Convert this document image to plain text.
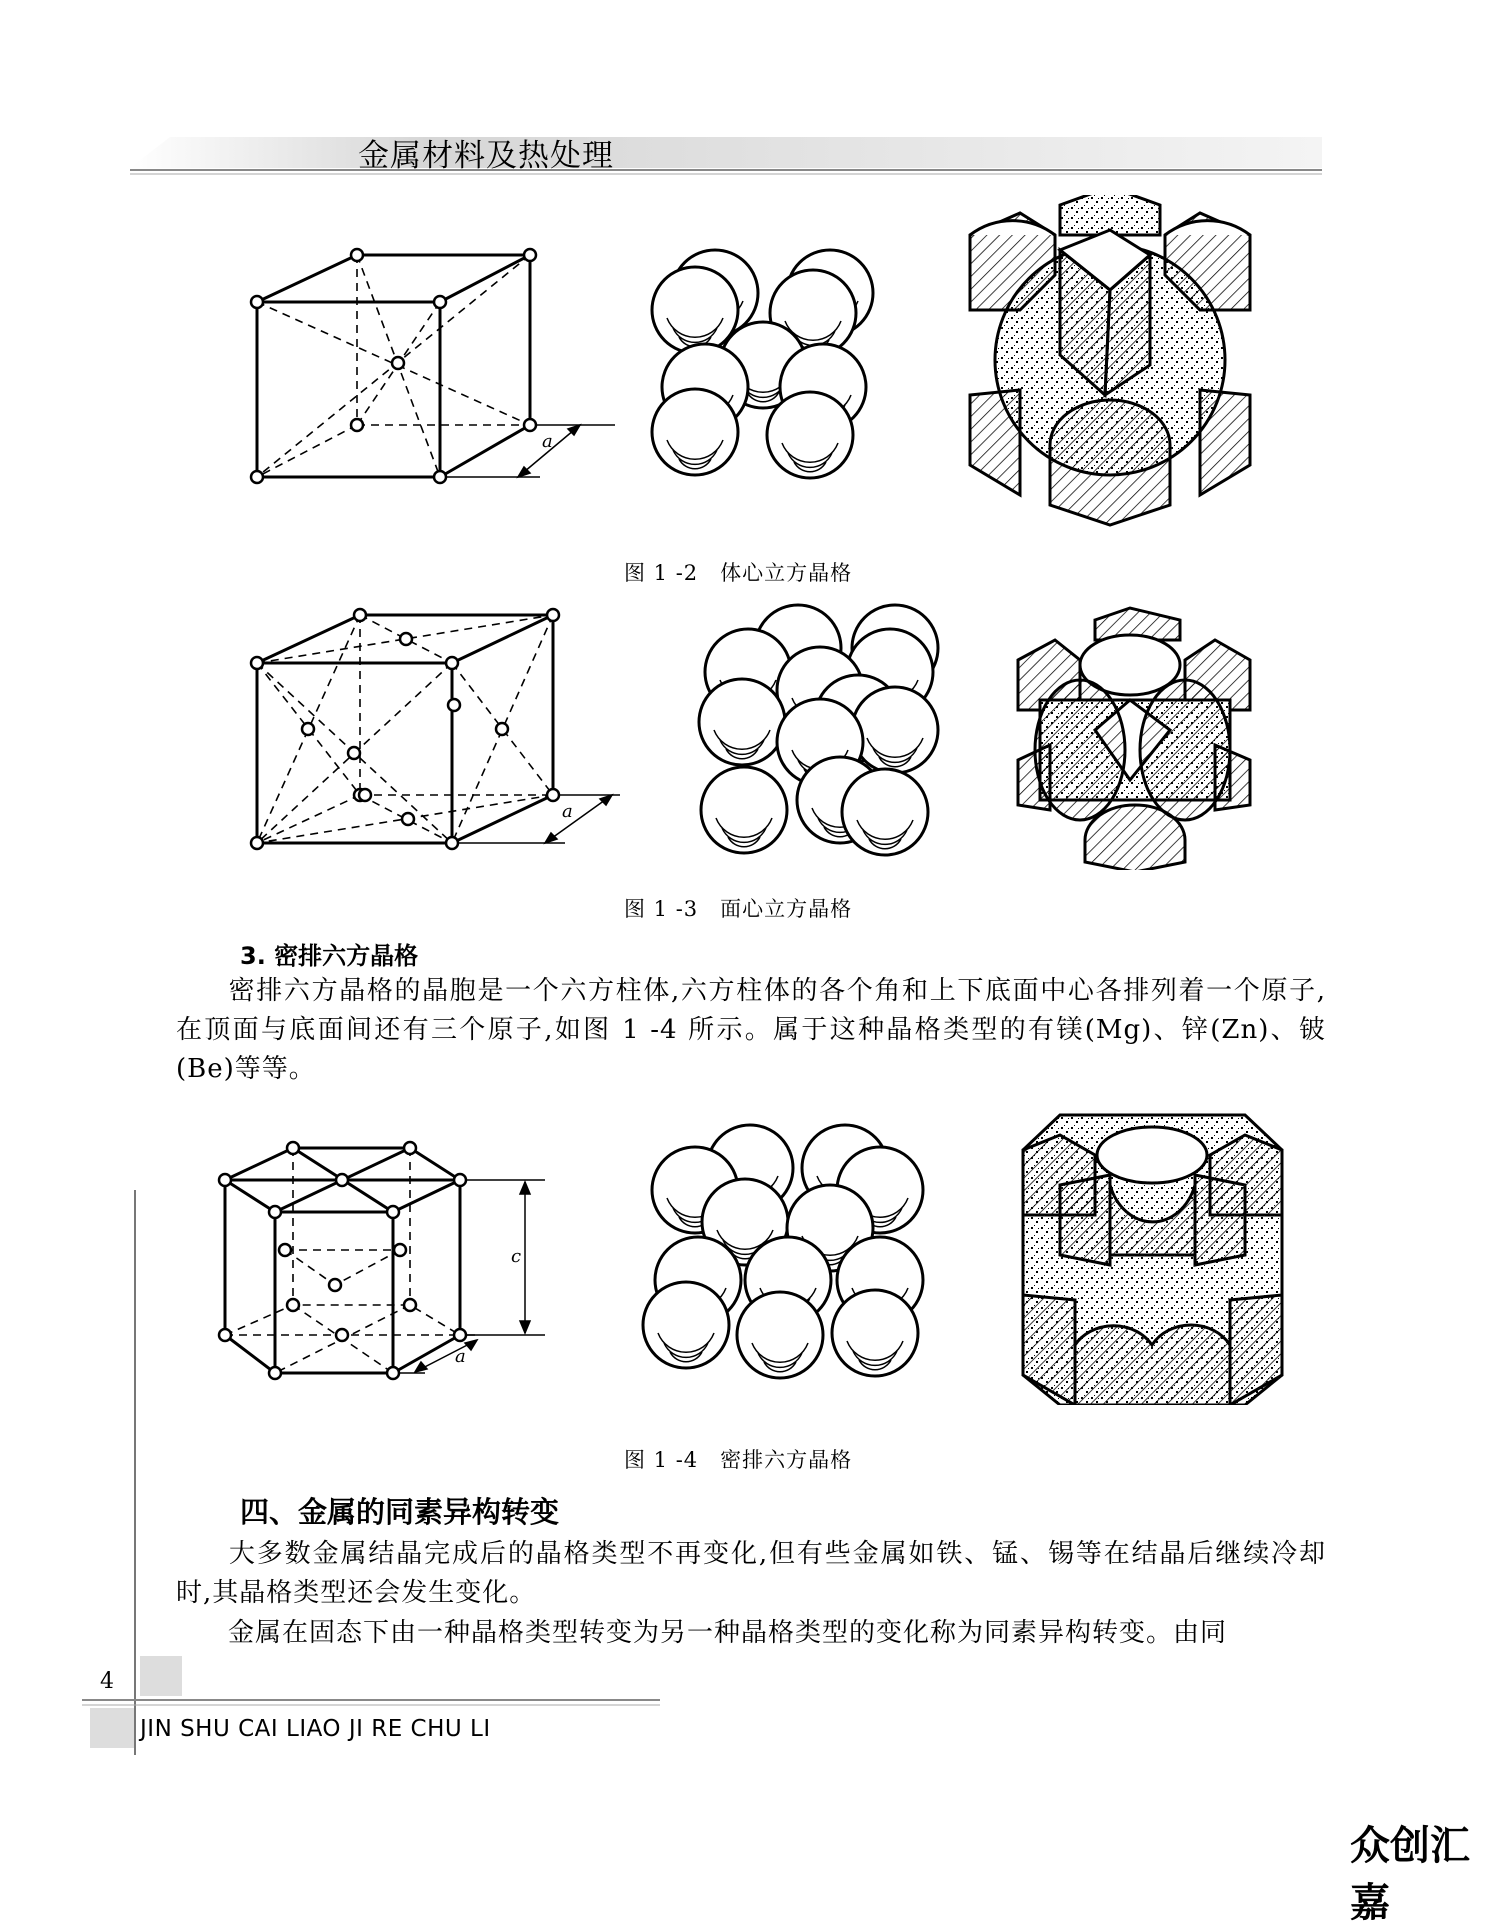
金属材料及热处理
a
图 1 -2　体心立方晶格
a
图 1 -3　面心立方晶格
3. 密排六方晶格
密排六方晶格的晶胞是一个六方柱体,六方柱体的各个角和上下底面中心各排列着一个原子,在顶面与底面间还有三个原子,如图 1 -4 所示。属于这种晶格类型的有镁(Mg)、锌(Zn)、铍(Be)等等。
c
a
图 1 -4　密排六方晶格
四、金属的同素异构转变
大多数金属结晶完成后的晶格类型不再变化,但有些金属如铁、锰、锡等在结晶后继续冷却时,其晶格类型还会发生变化。
金属在固态下由一种晶格类型转变为另一种晶格类型的变化称为同素异构转变。由同
4
JIN SHU CAI LIAO JI RE CHU LI
众创汇嘉
